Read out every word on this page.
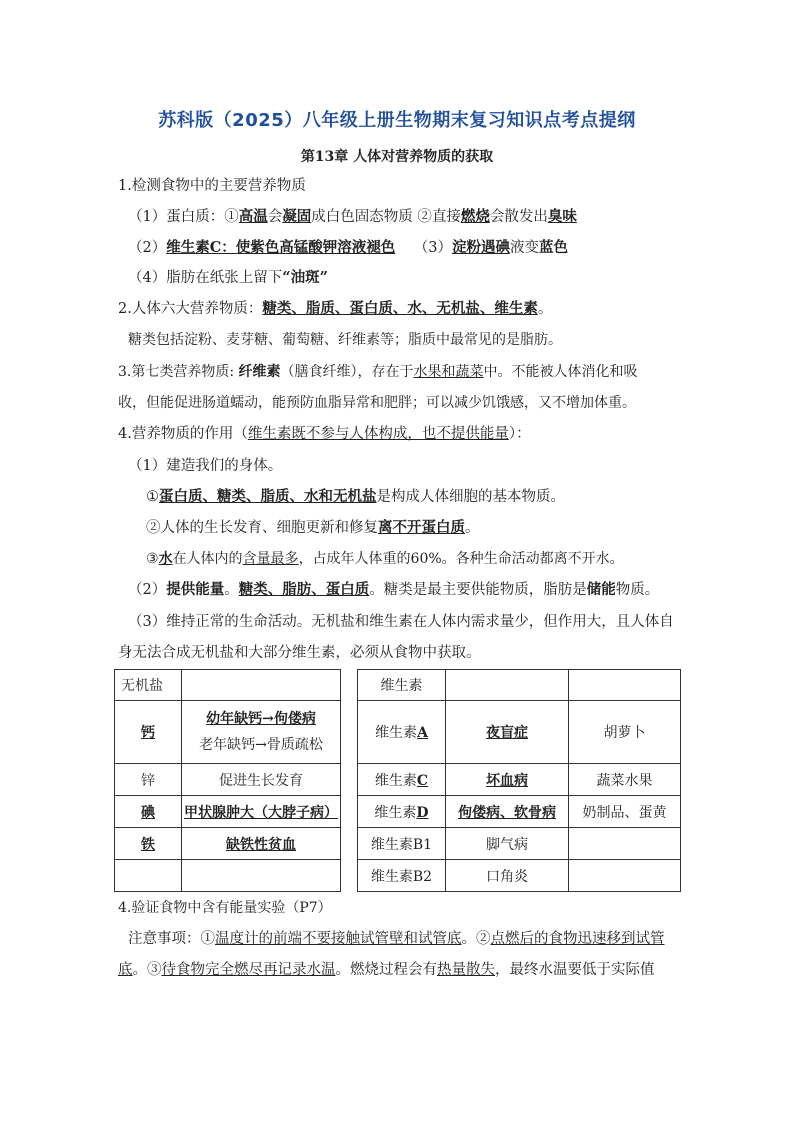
苏科版（2025）八年级上册生物期末复习知识点考点提纲
第13章 人体对营养物质的获取
1.检测食物中的主要营养物质
（1）蛋白质：①高温会凝固成白色固态物质 ②直接燃烧会散发出臭味
（2）维生素C：使紫色高锰酸钾溶液褪色    （3）淀粉遇碘液变蓝色
（4）脂肪在纸张上留下“油斑”
2.人体六大营养物质：糖类、脂质、蛋白质、水、无机盐、维生素。
糖类包括淀粉、麦芽糖、葡萄糖、纤维素等；脂质中最常见的是脂肪。
3.第七类营养物质: 纤维素（膳食纤维），存在于水果和蔬菜中。不能被人体消化和吸
收，但能促进肠道蠕动，能预防血脂异常和肥胖；可以减少饥饿感，又不增加体重。
4.营养物质的作用（维生素既不参与人体构成，也不提供能量）：
（1）建造我们的身体。
①蛋白质、糖类、脂质、水和无机盐是构成人体细胞的基本物质。
②人体的生长发育、细胞更新和修复离不开蛋白质。
③水在人体内的含量最多，占成年人体重的60%。各种生命活动都离不开水。
（2）提供能量。糖类、脂肪、蛋白质。糖类是最主要供能物质，脂肪是储能物质。
（3）维持正常的生命活动。无机盐和维生素在人体内需求量少，但作用大，且人体自
身无法合成无机盐和大部分维生素，必须从食物中获取。
无机盐	
钙	幼年缺钙→佝偻病
老年缺钙→骨质疏松

锌	促进生长发育
碘	甲状腺肿大（大脖子病）
铁	缺铁性贫血

维生素		
维生素A	夜盲症	胡萝卜
维生素C	坏血病	蔬菜水果
维生素D	佝偻病、软骨病	奶制品、蛋黄
维生素B1	脚气病	
维生素B2	口角炎	
4.验证食物中含有能量实验（P7）
注意事项：①温度计的前端不要接触试管壁和试管底。②点燃后的食物迅速移到试管
底。③待食物完全燃尽再记录水温。燃烧过程会有热量散失，最终水温要低于实际值
